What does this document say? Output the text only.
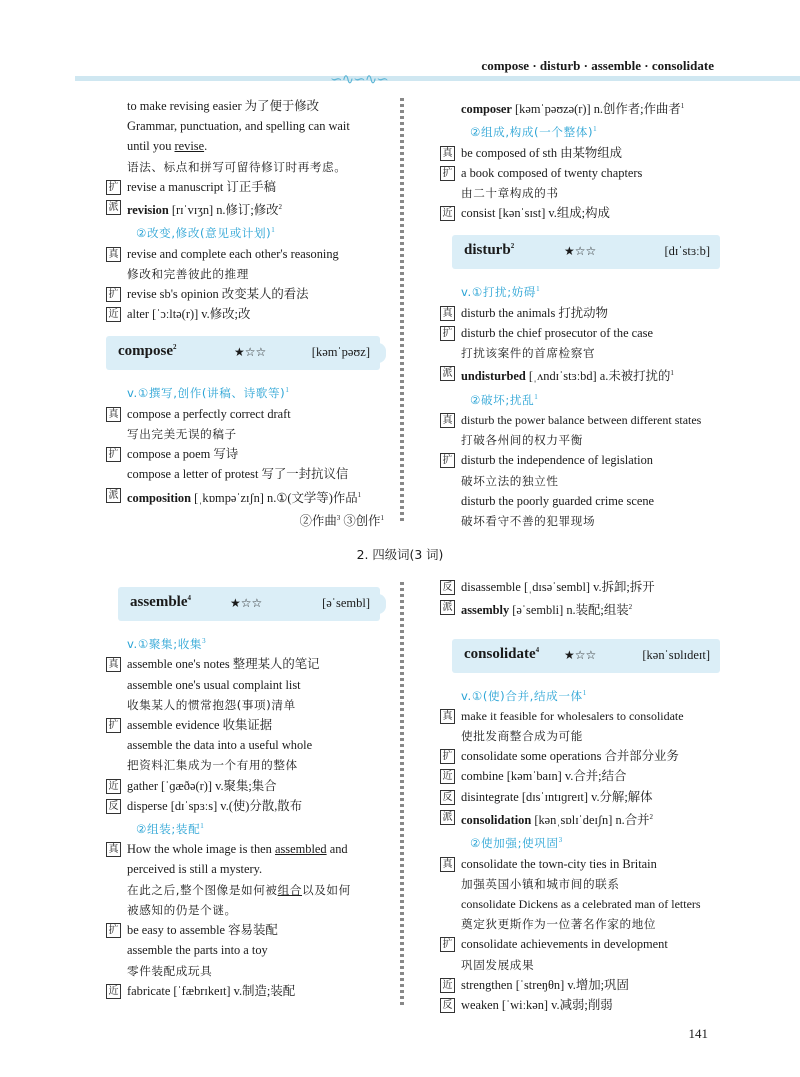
∽∿∽∿∽
compose · disturb · assemble · consolidate
to make revising easier 为了便于修改
Grammar, punctuation, and spelling can wait
until you revise.
语法、标点和拼写可留待修订时再考虑。
扩 revise a manuscript 订正手稿
派 revision [rɪˈvɪʒn] n.修订;修改$^2$
②改变,修改(意见或计划)$^1$
真 revise and complete each other's reasoning
修改和完善彼此的推理
扩 revise sb's opinion 改变某人的看法
近 alter [ˈɔːltə(r)] v.修改;改
compose$^2$	★☆☆	[kəmˈpəʊz]
v.①撰写,创作(讲稿、诗歌等)$^1$
真 compose a perfectly correct draft
写出完美无误的稿子
扩 compose a poem 写诗
compose a letter of protest 写了一封抗议信
派 composition [ˌkɒmpəˈzɪʃn] n.①(文学等)作品$^1$
②作曲$^3$ ③创作$^1$
composer [kəmˈpəʊzə(r)] n.创作者;作曲者$^1$
②组成,构成(一个整体)$^1$
真 be composed of sth 由某物组成
扩 a book composed of twenty chapters
由二十章构成的书
近 consist [kənˈsɪst] v.组成;构成
disturb$^2$	★☆☆	[dɪˈstɜːb]
v.①打扰;妨碍$^1$
真 disturb the animals 打扰动物
扩 disturb the chief prosecutor of the case
打扰该案件的首席检察官
派 undisturbed [ˌʌndɪˈstɜːbd] a.未被打扰的$^1$
②破坏;扰乱$^1$
真 disturb the power balance between different states
打破各州间的权力平衡
扩 disturb the independence of legislation
破坏立法的独立性
disturb the poorly guarded crime scene
破坏看守不善的犯罪现场
2. 四级词(3 词)
assemble$^4$	★☆☆	[əˈsembl]
v.①聚集;收集$^3$
真 assemble one's notes 整理某人的笔记
assemble one's usual complaint list
收集某人的惯常抱怨(事项)清单
扩 assemble evidence 收集证据
assemble the data into a useful whole
把资料汇集成为一个有用的整体
近 gather [ˈɡæðə(r)] v.聚集;集合
反 disperse [dɪˈspɜːs] v.(使)分散,散布
②组装;装配$^1$
真 How the whole image is then assembled and
perceived is still a mystery.
在此之后,整个图像是如何被组合以及如何
被感知的仍是个谜。
扩 be easy to assemble 容易装配
assemble the parts into a toy
零件装配成玩具
近 fabricate [ˈfæbrɪkeɪt] v.制造;装配
反 disassemble [ˌdɪsəˈsembl] v.拆卸;拆开
派 assembly [əˈsembli] n.装配;组装$^2$
consolidate$^4$ ★☆☆	[kənˈsɒlɪdeɪt]
v.①(使)合并,结成一体$^1$
真 make it feasible for wholesalers to consolidate
使批发商整合成为可能
扩 consolidate some operations 合并部分业务
近 combine [kəmˈbaɪn] v.合并;结合
反 disintegrate [dɪsˈɪntɪɡreɪt] v.分解;解体
派 consolidation [kənˌsɒlɪˈdeɪʃn] n.合并$^2$
②使加强;使巩固$^3$
真 consolidate the town-city ties in Britain
加强英国小镇和城市间的联系
consolidate Dickens as a celebrated man of letters
奠定狄更斯作为一位著名作家的地位
扩 consolidate achievements in development
巩固发展成果
近 strengthen [ˈstreŋθn] v.增加;巩固
反 weaken [ˈwiːkən] v.减弱;削弱
141
